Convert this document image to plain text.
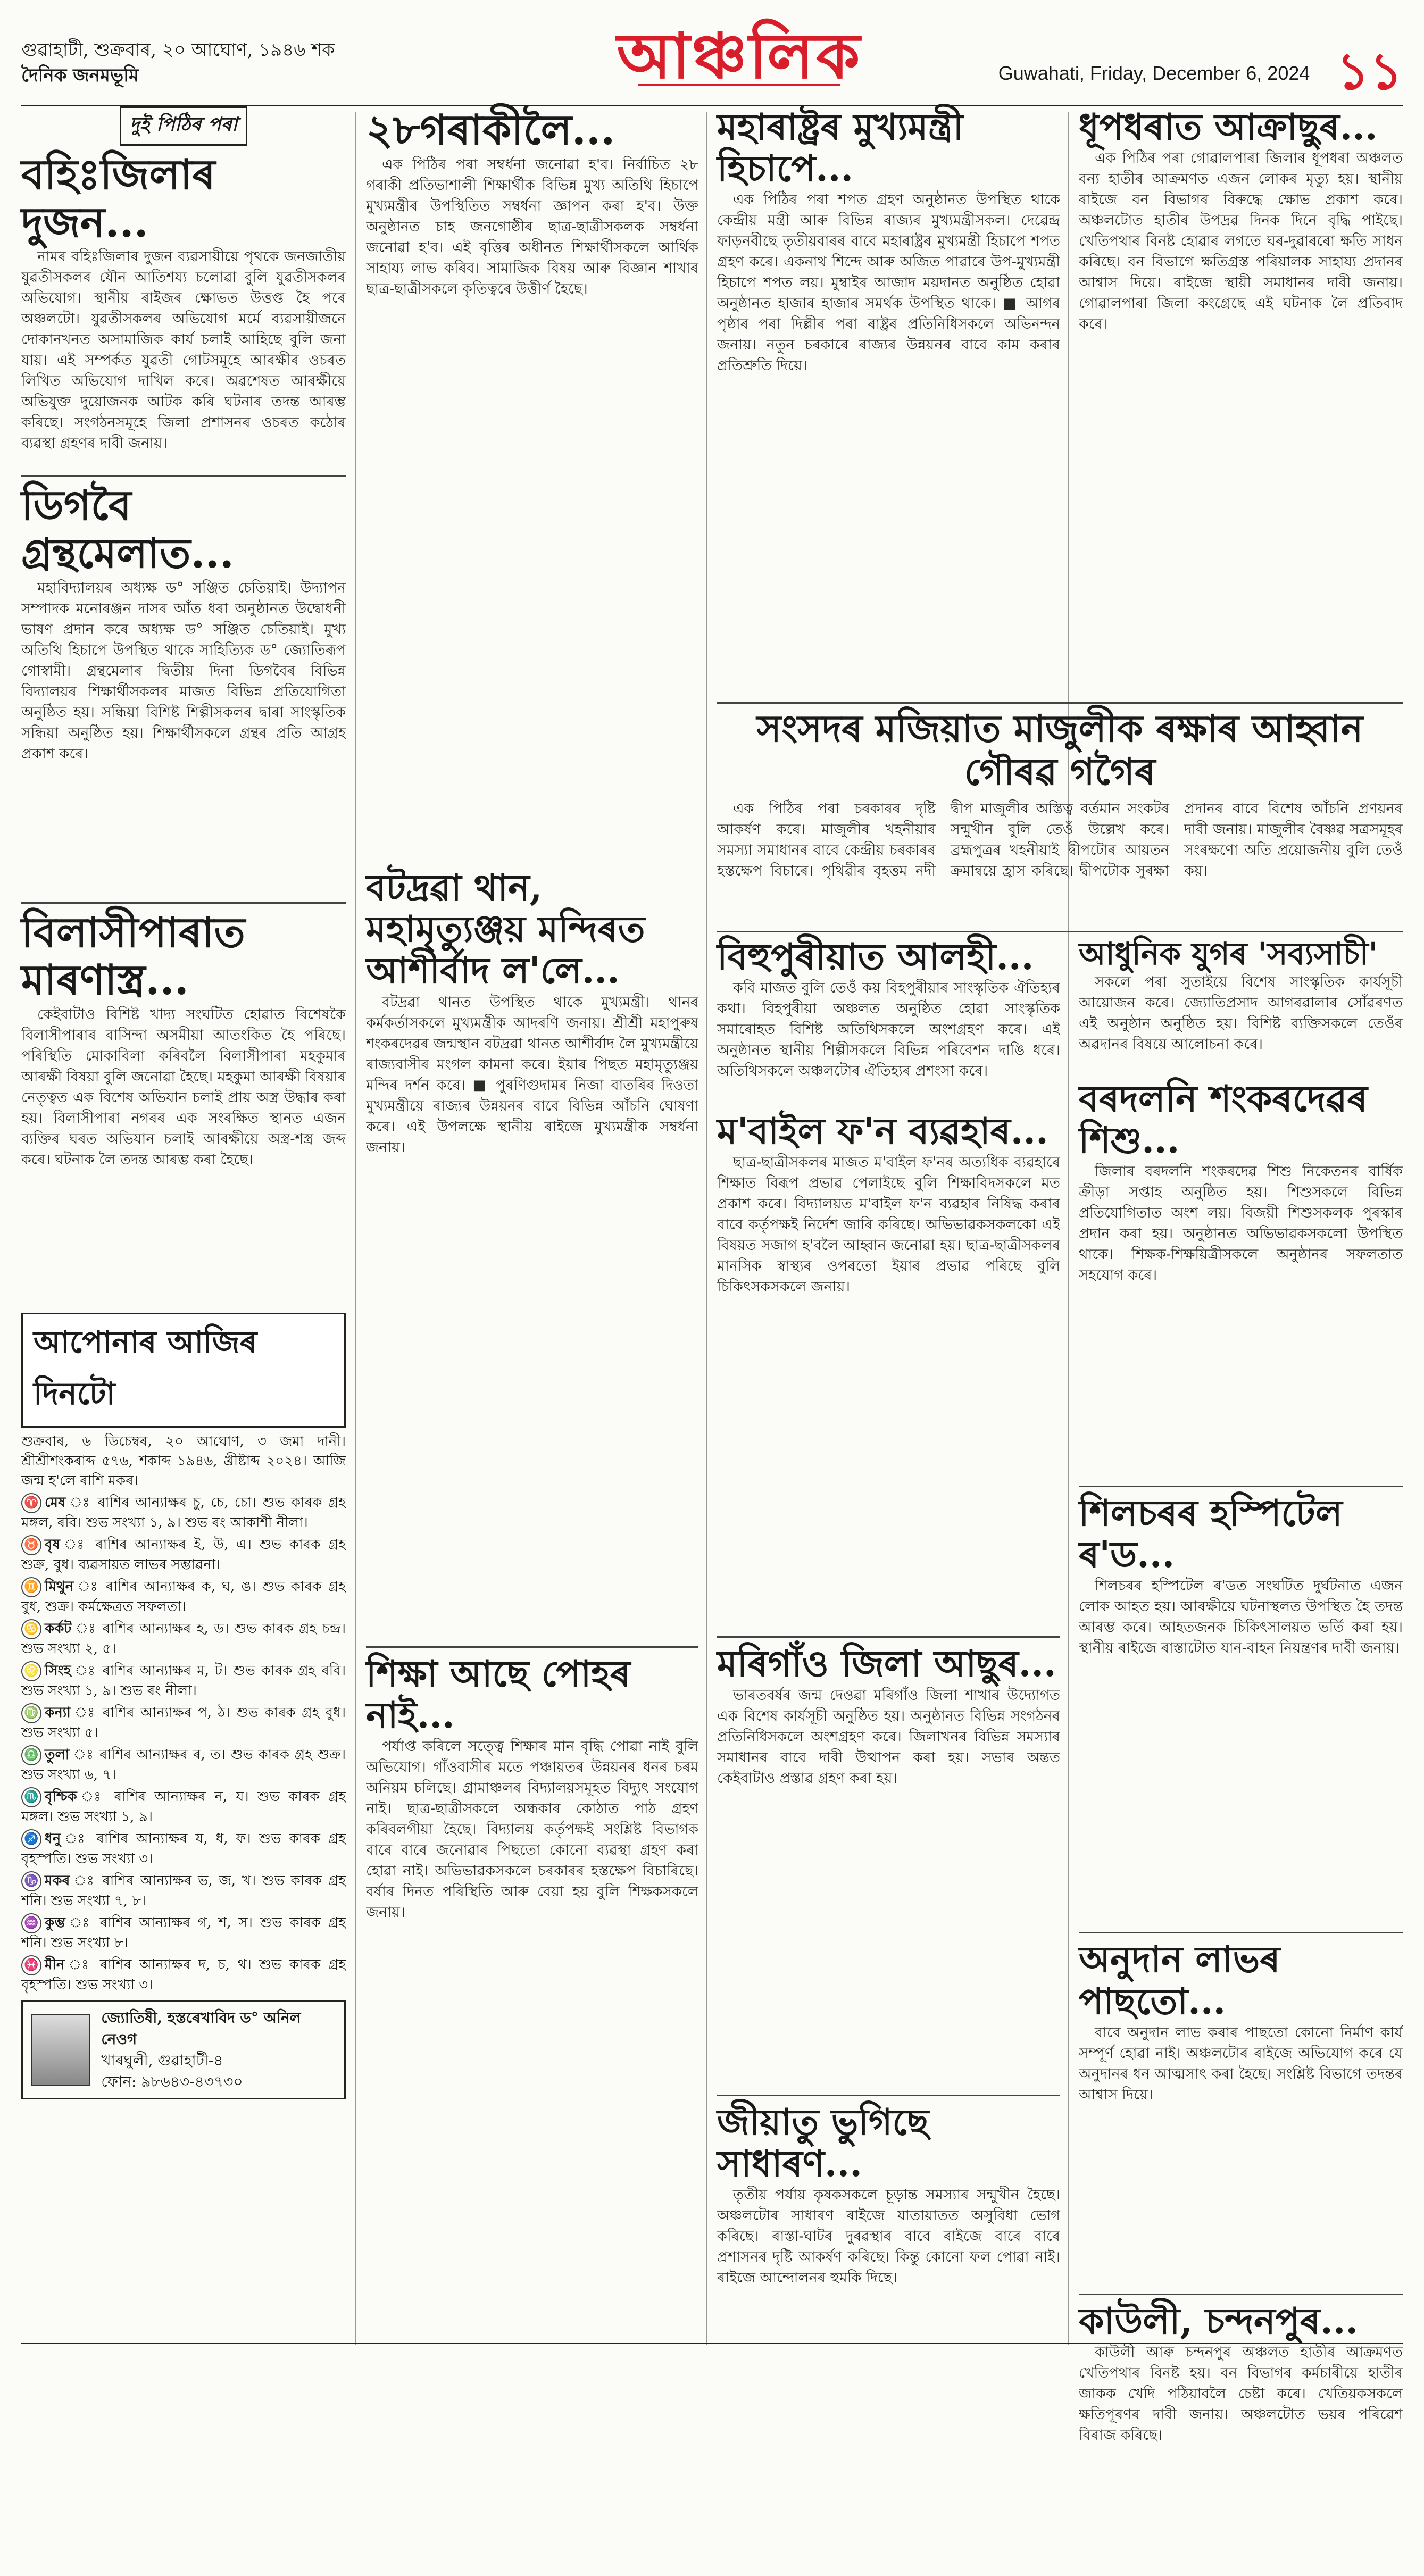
গুৱাহাটী, শুক্রবাৰ, ২০ আঘোণ, ১৯৪৬ শক
দৈনিক জনমভূমি	আঞ্চলিক	Guwahati, Friday, December 6, 2024 ১১
দুই পিঠিৰ পৰা
বহিঃজিলাৰ দুজন...

নামৰ বহিঃজিলাৰ দুজন ব্যৱসায়ীয়ে পৃথকে জনজাতীয় যুৱতীসকলৰ যৌন আতিশয্য চলোৱা বুলি যুৱতীসকলৰ অভিযোগ। স্থানীয় ৰাইজৰ ক্ষোভত উত্তপ্ত হৈ পৰে অঞ্চলটো। যুৱতীসকলৰ অভিযোগ মৰ্মে ব্যৱসায়ীজনে দোকানখনত অসামাজিক কাৰ্য চলাই আহিছে বুলি জনা যায়। এই সম্পৰ্কত যুৱতী গোটসমূহে আৰক্ষীৰ ওচৰত লিখিত অভিযোগ দাখিল কৰে। অৱশেষত আৰক্ষীয়ে অভিযুক্ত দুয়োজনক আটক কৰি ঘটনাৰ তদন্ত আৰম্ভ কৰিছে। সংগঠনসমূহে জিলা প্ৰশাসনৰ ওচৰত কঠোৰ ব্যৱস্থা গ্ৰহণৰ দাবী জনায়।

ডিগবৈ গ্ৰন্থমেলাত...

মহাবিদ্যালয়ৰ অধ্যক্ষ ড° সঞ্জিত চেতিয়াই। উদ্যাপন সম্পাদক মনোৰঞ্জন দাসৰ আঁত ধৰা অনুষ্ঠানত উদ্বোধনী ভাষণ প্ৰদান কৰে অধ্যক্ষ ড° সঞ্জিত চেতিয়াই। মুখ্য অতিথি হিচাপে উপস্থিত থাকে সাহিত্যিক ড° জ্যোতিৰূপ গোস্বামী। গ্ৰন্থমেলাৰ দ্বিতীয় দিনা ডিগবৈৰ বিভিন্ন বিদ্যালয়ৰ শিক্ষাৰ্থীসকলৰ মাজত বিভিন্ন প্ৰতিযোগিতা অনুষ্ঠিত হয়। সন্ধিয়া বিশিষ্ট শিল্পীসকলৰ দ্বাৰা সাংস্কৃতিক সন্ধিয়া অনুষ্ঠিত হয়। শিক্ষাৰ্থীসকলে গ্ৰন্থৰ প্ৰতি আগ্ৰহ প্ৰকাশ কৰে।

বিলাসীপাৰাত মাৰণাস্ত্ৰ...

কেইবাটাও বিশিষ্ট খাদ্য সংঘটিত হোৱাত বিশেষকৈ বিলাসীপাৰাৰ বাসিন্দা অসমীয়া আতংকিত হৈ পৰিছে। পৰিস্থিতি মোকাবিলা কৰিবলৈ বিলাসীপাৰা মহকুমাৰ আৰক্ষী বিষয়া বুলি জনোৱা হৈছে। মহকুমা আৰক্ষী বিষয়াৰ নেতৃত্বত এক বিশেষ অভিযান চলাই প্ৰায় অস্ত্ৰ উদ্ধাৰ কৰা হয়। বিলাসীপাৰা নগৰৰ এক সংৰক্ষিত স্থানত এজন ব্যক্তিৰ ঘৰত অভিযান চলাই আৰক্ষীয়ে অস্ত্ৰ-শস্ত্ৰ জব্দ কৰে। ঘটনাক লৈ তদন্ত আৰম্ভ কৰা হৈছে।

আপোনাৰ আজিৰ দিনটো
শুক্ৰবাৰ, ৬ ডিচেম্বৰ, ২০ আঘোণ, ৩ জমা দানী। শ্ৰীশ্ৰীশংকৰাব্দ ৫৭৬, শকাব্দ ১৯৪৬, খ্ৰীষ্টাব্দ ২০২৪। আজি জন্ম হ'লে ৰাশি মকৰ।
♈ মেষ ঃ ৰাশিৰ আন্যাক্ষৰ চু, চে, চো। শুভ কাৰক গ্ৰহ মঙ্গল, ৰবি। শুভ সংখ্যা ১, ৯। শুভ ৰং আকাশী নীলা।
♉ বৃষ ঃ ৰাশিৰ আন্যাক্ষৰ ই, উ, এ। শুভ কাৰক গ্ৰহ শুক্ৰ, বুধ। ব্যৱসায়ত লাভৰ সম্ভাৱনা।
♊ মিথুন ঃ ৰাশিৰ আন্যাক্ষৰ ক, ঘ, ঙ। শুভ কাৰক গ্ৰহ বুধ, শুক্ৰ। কৰ্মক্ষেত্ৰত সফলতা।
♋ কৰ্কট ঃ ৰাশিৰ আন্যাক্ষৰ হ, ড। শুভ কাৰক গ্ৰহ চন্দ্ৰ। শুভ সংখ্যা ২, ৫।
♌ সিংহ ঃ ৰাশিৰ আন্যাক্ষৰ ম, ট। শুভ কাৰক গ্ৰহ ৰবি। শুভ সংখ্যা ১, ৯। শুভ ৰং নীলা।
♍ কন্যা ঃ ৰাশিৰ আন্যাক্ষৰ প, ঠ। শুভ কাৰক গ্ৰহ বুধ। শুভ সংখ্যা ৫।
♎ তুলা ঃ ৰাশিৰ আন্যাক্ষৰ ৰ, ত। শুভ কাৰক গ্ৰহ শুক্ৰ। শুভ সংখ্যা ৬, ৭।
♏ বৃশ্চিক ঃ ৰাশিৰ আন্যাক্ষৰ ন, য। শুভ কাৰক গ্ৰহ মঙ্গল। শুভ সংখ্যা ১, ৯।
♐ ধনু ঃ ৰাশিৰ আন্যাক্ষৰ য, ধ, ফ। শুভ কাৰক গ্ৰহ বৃহস্পতি। শুভ সংখ্যা ৩।
♑ মকৰ ঃ ৰাশিৰ আন্যাক্ষৰ ভ, জ, খ। শুভ কাৰক গ্ৰহ শনি। শুভ সংখ্যা ৭, ৮।
♒ কুম্ভ ঃ ৰাশিৰ আন্যাক্ষৰ গ, শ, স। শুভ কাৰক গ্ৰহ শনি। শুভ সংখ্যা ৮।
♓ মীন ঃ ৰাশিৰ আন্যাক্ষৰ দ, চ, থ। শুভ কাৰক গ্ৰহ বৃহস্পতি। শুভ সংখ্যা ৩।
জ্যোতিষী, হস্তৰেখাবিদ ড° অনিল নেওগ
খাৰঘুলী, গুৱাহাটী-৪
ফোন: ৯৮৬৪৩-৪৩৭৩০
২৮গৰাকীলৈ...

এক পিঠিৰ পৰা সম্বৰ্ধনা জনোৱা হ'ব। নিৰ্বাচিত ২৮ গৰাকী প্ৰতিভাশালী শিক্ষাৰ্থীক বিভিন্ন মুখ্য অতিথি হিচাপে মুখ্যমন্ত্ৰীৰ উপস্থিতিত সম্বৰ্ধনা জ্ঞাপন কৰা হ'ব। উক্ত অনুষ্ঠানত চাহ জনগোষ্ঠীৰ ছাত্ৰ-ছাত্ৰীসকলক সম্বৰ্ধনা জনোৱা হ'ব। এই বৃত্তিৰ অধীনত শিক্ষাৰ্থীসকলে আৰ্থিক সাহায্য লাভ কৰিব। সামাজিক বিষয় আৰু বিজ্ঞান শাখাৰ ছাত্ৰ-ছাত্ৰীসকলে কৃতিত্বৰে উত্তীৰ্ণ হৈছে।

বটদ্ৰৱা থান, মহামৃত্যুঞ্জয় মন্দিৰত আশীৰ্বাদ ল'লে...

বটদ্ৰৱা থানত উপস্থিত থাকে মুখ্যমন্ত্ৰী। থানৰ কৰ্মকৰ্তাসকলে মুখ্যমন্ত্ৰীক আদৰণি জনায়। শ্ৰীশ্ৰী মহাপুৰুষ শংকৰদেৱৰ জন্মস্থান বটদ্ৰৱা থানত আশীৰ্বাদ লৈ মুখ্যমন্ত্ৰীয়ে ৰাজ্যবাসীৰ মংগল কামনা কৰে। ইয়াৰ পিছত মহামৃত্যুঞ্জয় মন্দিৰ দৰ্শন কৰে। ■ পুৰণিগুদামৰ নিজা বাতৰিৰ দিওতা মুখ্যমন্ত্ৰীয়ে ৰাজ্যৰ উন্নয়নৰ বাবে বিভিন্ন আঁচনি ঘোষণা কৰে। এই উপলক্ষে স্থানীয় ৰাইজে মুখ্যমন্ত্ৰীক সম্বৰ্ধনা জনায়।

শিক্ষা আছে পোহৰ নাই...

পৰ্যাপ্ত কৰিলে সত্ত্বে শিক্ষাৰ মান বৃদ্ধি পোৱা নাই বুলি অভিযোগ। গাঁওবাসীৰ মতে পঞ্চায়তৰ উন্নয়নৰ ধনৰ চৰম অনিয়ম চলিছে। গ্ৰামাঞ্চলৰ বিদ্যালয়সমূহত বিদ্যুৎ সংযোগ নাই। ছাত্ৰ-ছাত্ৰীসকলে অন্ধকাৰ কোঠাত পাঠ গ্ৰহণ কৰিবলগীয়া হৈছে। বিদ্যালয় কৰ্তৃপক্ষই সংশ্লিষ্ট বিভাগক বাৰে বাৰে জনোৱাৰ পিছতো কোনো ব্যৱস্থা গ্ৰহণ কৰা হোৱা নাই। অভিভাৱকসকলে চৰকাৰৰ হস্তক্ষেপ বিচাৰিছে। বৰ্ষাৰ দিনত পৰিস্থিতি আৰু বেয়া হয় বুলি শিক্ষকসকলে জনায়।

মহাৰাষ্ট্ৰৰ মুখ্যমন্ত্ৰী হিচাপে...

এক পিঠিৰ পৰা শপত গ্ৰহণ অনুষ্ঠানত উপস্থিত থাকে কেন্দ্ৰীয় মন্ত্ৰী আৰু বিভিন্ন ৰাজ্যৰ মুখ্যমন্ত্ৰীসকল। দেৱেন্দ্ৰ ফাড়নবীছে তৃতীয়বাৰৰ বাবে মহাৰাষ্ট্ৰৰ মুখ্যমন্ত্ৰী হিচাপে শপত গ্ৰহণ কৰে। একনাথ শিন্দে আৰু অজিত পাৱাৰে উপ-মুখ্যমন্ত্ৰী হিচাপে শপত লয়। মুম্বাইৰ আজাদ ময়দানত অনুষ্ঠিত হোৱা অনুষ্ঠানত হাজাৰ হাজাৰ সমৰ্থক উপস্থিত থাকে। ■ আগৰ পৃষ্ঠাৰ পৰা দিল্লীৰ পৰা ৰাষ্ট্ৰৰ প্ৰতিনিধিসকলে অভিনন্দন জনায়। নতুন চৰকাৰে ৰাজ্যৰ উন্নয়নৰ বাবে কাম কৰাৰ প্ৰতিশ্ৰুতি দিয়ে।

ধূপধৰাত আক্ৰাছুৰ...

এক পিঠিৰ পৰা গোৱালপাৰা জিলাৰ ধূপধৰা অঞ্চলত বন্য হাতীৰ আক্ৰমণত এজন লোকৰ মৃত্যু হয়। স্থানীয় ৰাইজে বন বিভাগৰ বিৰুদ্ধে ক্ষোভ প্ৰকাশ কৰে। অঞ্চলটোত হাতীৰ উপদ্ৰৱ দিনক দিনে বৃদ্ধি পাইছে। খেতিপথাৰ বিনষ্ট হোৱাৰ লগতে ঘৰ-দুৱাৰৰো ক্ষতি সাধন কৰিছে। বন বিভাগে ক্ষতিগ্ৰস্ত পৰিয়ালক সাহায্য প্ৰদানৰ আশ্বাস দিয়ে। ৰাইজে স্থায়ী সমাধানৰ দাবী জনায়। গোৱালপাৰা জিলা কংগ্ৰেছে এই ঘটনাক লৈ প্ৰতিবাদ কৰে।

সংসদৰ মজিয়াত মাজুলীক ৰক্ষাৰ আহ্বান গৌৰৱ গগৈৰ

এক পিঠিৰ পৰা চৰকাৰৰ দৃষ্টি আকৰ্ষণ কৰে। মাজুলীৰ খহনীয়াৰ সমস্যা সমাধানৰ বাবে কেন্দ্ৰীয় চৰকাৰৰ হস্তক্ষেপ বিচাৰে। পৃথিৱীৰ বৃহত্তম নদী দ্বীপ মাজুলীৰ অস্তিত্ব বৰ্তমান সংকটৰ সন্মুখীন বুলি তেওঁ উল্লেখ কৰে। ব্ৰহ্মপুত্ৰৰ খহনীয়াই দ্বীপটোৰ আয়তন ক্ৰমান্বয়ে হ্ৰাস কৰিছে। দ্বীপটোক সুৰক্ষা প্ৰদানৰ বাবে বিশেষ আঁচনি প্ৰণয়নৰ দাবী জনায়। মাজুলীৰ বৈষ্ণৱ সত্ৰসমূহৰ সংৰক্ষণো অতি প্ৰয়োজনীয় বুলি তেওঁ কয়।

বিহুপুৰীয়াত আলহী...

কবি মাজত বুলি তেওঁ কয় বিহপুৰীয়াৰ সাংস্কৃতিক ঐতিহ্যৰ কথা। বিহপুৰীয়া অঞ্চলত অনুষ্ঠিত হোৱা সাংস্কৃতিক সমাৰোহত বিশিষ্ট অতিথিসকলে অংশগ্ৰহণ কৰে। এই অনুষ্ঠানত স্থানীয় শিল্পীসকলে বিভিন্ন পৰিবেশন দাঙি ধৰে। অতিথিসকলে অঞ্চলটোৰ ঐতিহ্যৰ প্ৰশংসা কৰে।

ম'বাইল ফ'ন ব্যৱহাৰ...

ছাত্ৰ-ছাত্ৰীসকলৰ মাজত ম'বাইল ফ'নৰ অত্যধিক ব্যৱহাৰে শিক্ষাত বিৰূপ প্ৰভাৱ পেলাইছে বুলি শিক্ষাবিদসকলে মত প্ৰকাশ কৰে। বিদ্যালয়ত ম'বাইল ফ'ন ব্যৱহাৰ নিষিদ্ধ কৰাৰ বাবে কৰ্তৃপক্ষই নিৰ্দেশ জাৰি কৰিছে। অভিভাৱকসকলকো এই বিষয়ত সজাগ হ'বলৈ আহ্বান জনোৱা হয়। ছাত্ৰ-ছাত্ৰীসকলৰ মানসিক স্বাস্থ্যৰ ওপৰতো ইয়াৰ প্ৰভাৱ পৰিছে বুলি চিকিৎসকসকলে জনায়।

মৰিগাঁও জিলা আছুৰ...

ভাৰতবৰ্ষৰ জন্ম দেওৱা মৰিগাঁও জিলা শাখাৰ উদ্যোগত এক বিশেষ কাৰ্যসূচী অনুষ্ঠিত হয়। অনুষ্ঠানত বিভিন্ন সংগঠনৰ প্ৰতিনিধিসকলে অংশগ্ৰহণ কৰে। জিলাখনৰ বিভিন্ন সমস্যাৰ সমাধানৰ বাবে দাবী উত্থাপন কৰা হয়। সভাৰ অন্তত কেইবাটাও প্ৰস্তাৱ গ্ৰহণ কৰা হয়।

জীয়াতু ভুগিছে সাধাৰণ...

তৃতীয় পৰ্যায় কৃষকসকলে চূড়ান্ত সমস্যাৰ সন্মুখীন হৈছে। অঞ্চলটোৰ সাধাৰণ ৰাইজে যাতায়াতত অসুবিধা ভোগ কৰিছে। ৰাস্তা-ঘাটৰ দুৰৱস্থাৰ বাবে ৰাইজে বাৰে বাৰে প্ৰশাসনৰ দৃষ্টি আকৰ্ষণ কৰিছে। কিন্তু কোনো ফল পোৱা নাই। ৰাইজে আন্দোলনৰ হুমকি দিছে।

আধুনিক যুগৰ 'সব্যসাচী'

সকলে পৰা সুতাইয়ে বিশেষ সাংস্কৃতিক কাৰ্যসূচী আয়োজন কৰে। জ্যোতিপ্ৰসাদ আগৰৱালাৰ সোঁৱৰণত এই অনুষ্ঠান অনুষ্ঠিত হয়। বিশিষ্ট ব্যক্তিসকলে তেওঁৰ অৱদানৰ বিষয়ে আলোচনা কৰে।

বৰদলনি শংকৰদেৱৰ শিশু...

জিলাৰ বৰদলনি শংকৰদেৱ শিশু নিকেতনৰ বাৰ্ষিক ক্ৰীড়া সপ্তাহ অনুষ্ঠিত হয়। শিশুসকলে বিভিন্ন প্ৰতিযোগিতাত অংশ লয়। বিজয়ী শিশুসকলক পুৰস্কাৰ প্ৰদান কৰা হয়। অনুষ্ঠানত অভিভাৱকসকলো উপস্থিত থাকে। শিক্ষক-শিক্ষয়িত্ৰীসকলে অনুষ্ঠানৰ সফলতাত সহযোগ কৰে।

শিলচৰৰ হস্পিটেল ৰ'ড...

শিলচৰৰ হস্পিটেল ৰ'ডত সংঘটিত দুৰ্ঘটনাত এজন লোক আহত হয়। আৰক্ষীয়ে ঘটনাস্থলত উপস্থিত হৈ তদন্ত আৰম্ভ কৰে। আহতজনক চিকিৎসালয়ত ভৰ্তি কৰা হয়। স্থানীয় ৰাইজে ৰাস্তাটোত যান-বাহন নিয়ন্ত্ৰণৰ দাবী জনায়।

অনুদান লাভৰ পাছতো...

বাবে অনুদান লাভ কৰাৰ পাছতো কোনো নিৰ্মাণ কাৰ্য সম্পূৰ্ণ হোৱা নাই। অঞ্চলটোৰ ৰাইজে অভিযোগ কৰে যে অনুদানৰ ধন আত্মসাৎ কৰা হৈছে। সংশ্লিষ্ট বিভাগে তদন্তৰ আশ্বাস দিয়ে।

কাউলী, চন্দনপুৰ...

কাউলী আৰু চন্দনপুৰ অঞ্চলত হাতীৰ আক্ৰমণত খেতিপথাৰ বিনষ্ট হয়। বন বিভাগৰ কৰ্মচাৰীয়ে হাতীৰ জাকক খেদি পঠিয়াবলৈ চেষ্টা কৰে। খেতিয়কসকলে ক্ষতিপূৰণৰ দাবী জনায়। অঞ্চলটোত ভয়ৰ পৰিৱেশ বিৰাজ কৰিছে।
